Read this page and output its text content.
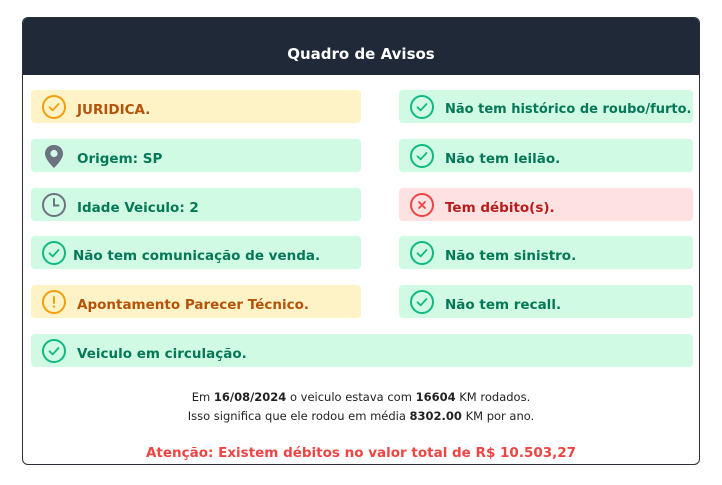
Quadro de Avisos
JURIDICA.
Origem: SP
Idade Veiculo: 2
Não tem comunicação de venda.
Apontamento Parecer Técnico.
Não tem histórico de roubo/furto.
Não tem leilão.
Tem débito(s).
Não tem sinistro.
Não tem recall.
Veiculo em circulação.
Em 16/08/2024 o veiculo estava com 16604 KM rodados.
Isso significa que ele rodou em média 8302.00 KM por ano.
Atenção: Existem débitos no valor total de R$ 10.503,27
